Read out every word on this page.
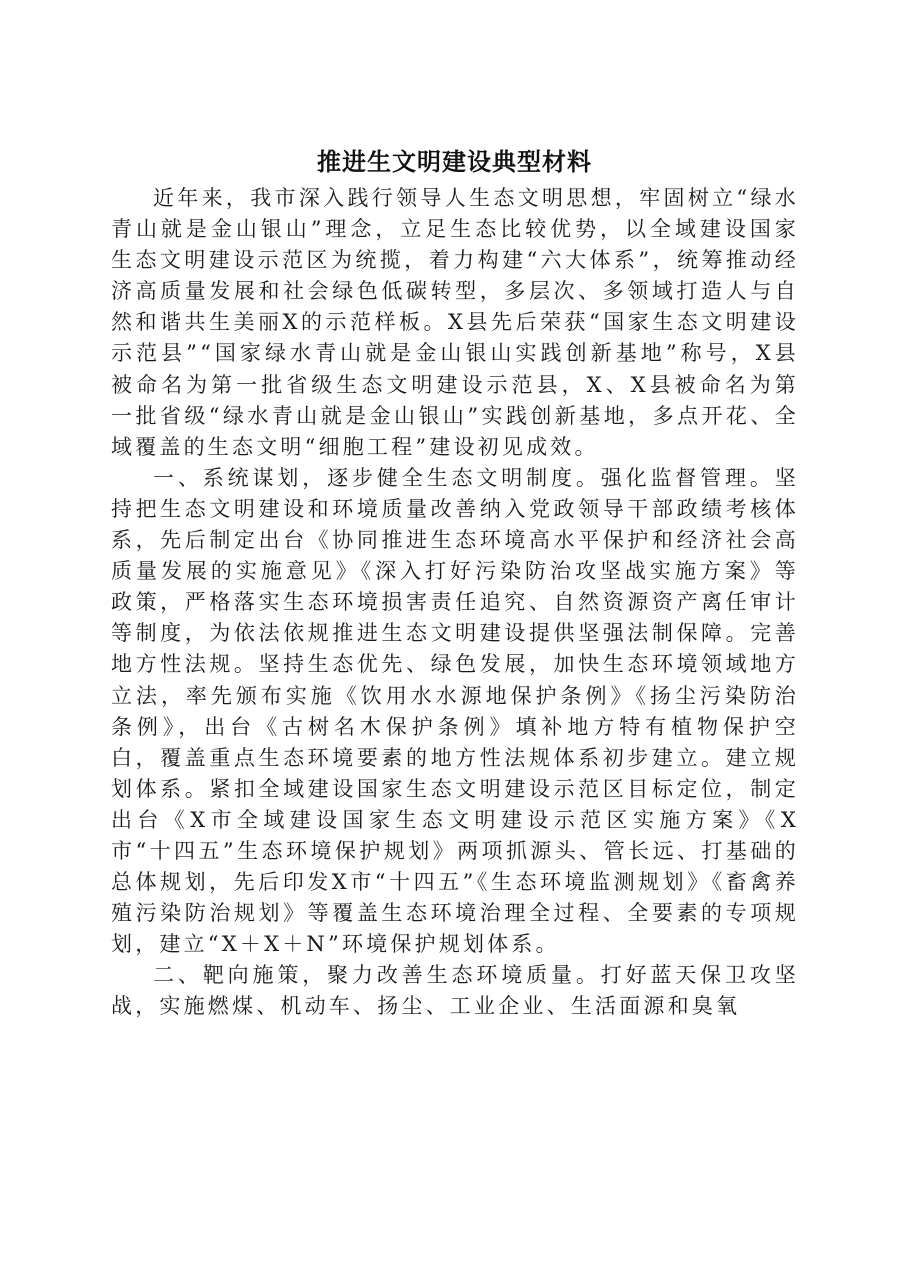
推进生文明建设典型材料

近年来，我市深入践行领导人生态文明思想，牢固树立“绿水青山就是金山银山”理念，立足生态比较优势，以全域建设国家生态文明建设示范区为统揽，着力构建“六大体系”，统筹推动经济高质量发展和社会绿色低碳转型，多层次、多领域打造人与自然和谐共生美丽X的示范样板。X县先后荣获“国家生态文明建设示范县”“国家绿水青山就是金山银山实践创新基地”称号，X县被命名为第一批省级生态文明建设示范县，X、X县被命名为第一批省级“绿水青山就是金山银山”实践创新基地，多点开花、全域覆盖的生态文明“细胞工程”建设初见成效。

一、系统谋划，逐步健全生态文明制度。强化监督管理。坚持把生态文明建设和环境质量改善纳入党政领导干部政绩考核体系，先后制定出台《协同推进生态环境高水平保护和经济社会高质量发展的实施意见》《深入打好污染防治攻坚战实施方案》等政策，严格落实生态环境损害责任追究、自然资源资产离任审计等制度，为依法依规推进生态文明建设提供坚强法制保障。完善地方性法规。坚持生态优先、绿色发展，加快生态环境领域地方立法，率先颁布实施《饮用水水源地保护条例》《扬尘污染防治条例》，出台《古树名木保护条例》填补地方特有植物保护空白，覆盖重点生态环境要素的地方性法规体系初步建立。建立规划体系。紧扣全域建设国家生态文明建设示范区目标定位，制定出台《X市全域建设国家生态文明建设示范区实施方案》《X市“十四五”生态环境保护规划》两项抓源头、管长远、打基础的总体规划，先后印发X市“十四五”《生态环境监测规划》《畜禽养殖污染防治规划》等覆盖生态环境治理全过程、全要素的专项规划，建立“X＋X＋N”环境保护规划体系。

二、靶向施策，聚力改善生态环境质量。打好蓝天保卫攻坚战，实施燃煤、机动车、扬尘、工业企业、生活面源和臭氧
